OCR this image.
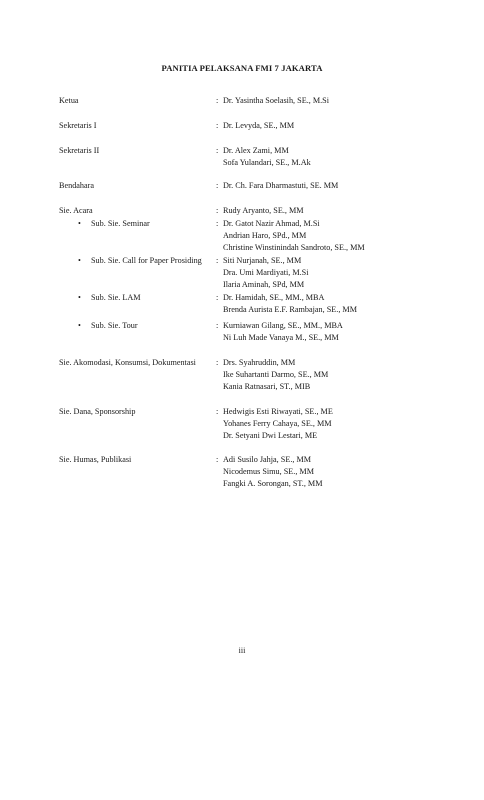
PANITIA PELAKSANA FMI 7 JAKARTA
Ketua	: Dr. Yasintha Soelasih, SE., M.Si
Sekretaris I	: Dr. Levyda, SE., MM
Sekretaris II	: Dr. Alex Zami, MM
Sofa Yulandari, SE., M.Ak
Bendahara	: Dr. Ch. Fara Dharmastuti, SE. MM
Sie. Acara	: Rudy Aryanto, SE., MM
• Sub. Sie. Seminar	: Dr. Gatot Nazir Ahmad, M.Si
Andrian Haro, SPd., MM
Christine Winstinindah Sandroto, SE., MM
• Sub. Sie. Call for Paper Prosiding	: Siti Nurjanah, SE., MM
Dra. Umi Mardiyati, M.Si
Ilaria Aminah, SPd, MM
• Sub. Sie. LAM	: Dr. Hamidah, SE., MM., MBA
Brenda Aurista E.F. Rambajan, SE., MM
• Sub. Sie. Tour	: Kurniawan Gilang, SE., MM., MBA
Ni Luh Made Vanaya M., SE., MM
Sie. Akomodasi, Konsumsi, Dokumentasi	: Drs. Syahruddin, MM
Ike Suhartanti Darmo, SE., MM
Kania Ratnasari, ST., MIB
Sie. Dana, Sponsorship	: Hedwigis Esti Riwayati, SE., ME
Yohanes Ferry Cahaya, SE., MM
Dr. Setyani Dwi Lestari, ME
Sie. Humas, Publikasi	: Adi Susilo Jahja, SE., MM
Nicodemus Simu, SE., MM
Fangki A. Sorongan, ST., MM
iii
